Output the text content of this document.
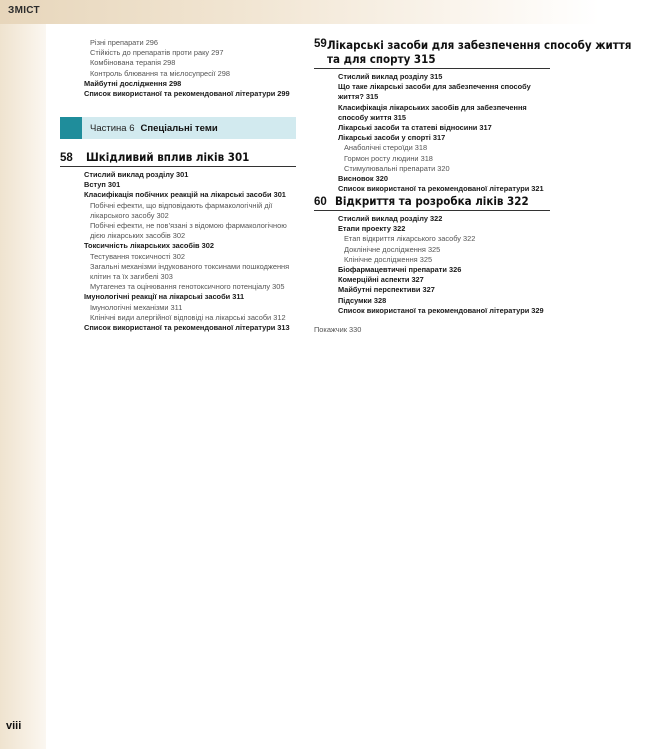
ЗМІСТ
Різні препарати 296
Стійкість до препаратів проти раку 297
Комбінована терапія 298
Контроль блювання та мієлосупресії 298
Майбутні дослідження 298
Список використаної та рекомендованої літератури 299
Частина 6 Спеціальні теми
58	Шкідливий вплив ліків 301
Стислий виклад розділу 301
Вступ 301
Класифікація побічних реакцій на лікарські засоби 301
Побічні ефекти, що відповідають фармакологічній дії лікарського засобу 302
Побічні ефекти, не пов’язані з відомою фармакологічною дією лікарських засобів 302
Токсичність лікарських засобів 302
Тестування токсичності 302
Загальні механізми індукованого токсинами пошкодження клітин та їх загибелі 303
Мутагенез та оцінювання генотоксичного потенціалу 305
Імунологічні реакції на лікарські засоби 311
Імунологічні механізми 311
Клінічні види алергійної відповіді на лікарські засоби 312
Список використаної та рекомендованої літератури 313
59 Лікарські засоби для забезпечення способу життя
та для спорту 315
Стислий виклад розділу 315
Що таке лікарські засоби для забезпечення способу життя? 315
Класифікація лікарських засобів для забезпечення способу життя 315
Лікарські засоби та статеві відносини 317
Лікарські засоби у спорті 317
Анаболічні стероїди 318
Гормон росту людини 318
Стимулювальні препарати 320
Висновок 320
Список використаної та рекомендованої літератури 321
60 Відкриття та розробка ліків 322
Стислий виклад розділу 322
Етапи проекту 322
Етап відкриття лікарського засобу 322
Доклінічне дослідження 325
Клінічне дослідження 325
Біофармацевтичні препарати 326
Комерційні аспекти 327
Майбутні перспективи 327
Підсумки 328
Список використаної та рекомендованої літератури 329
Покажчик 330
viii
